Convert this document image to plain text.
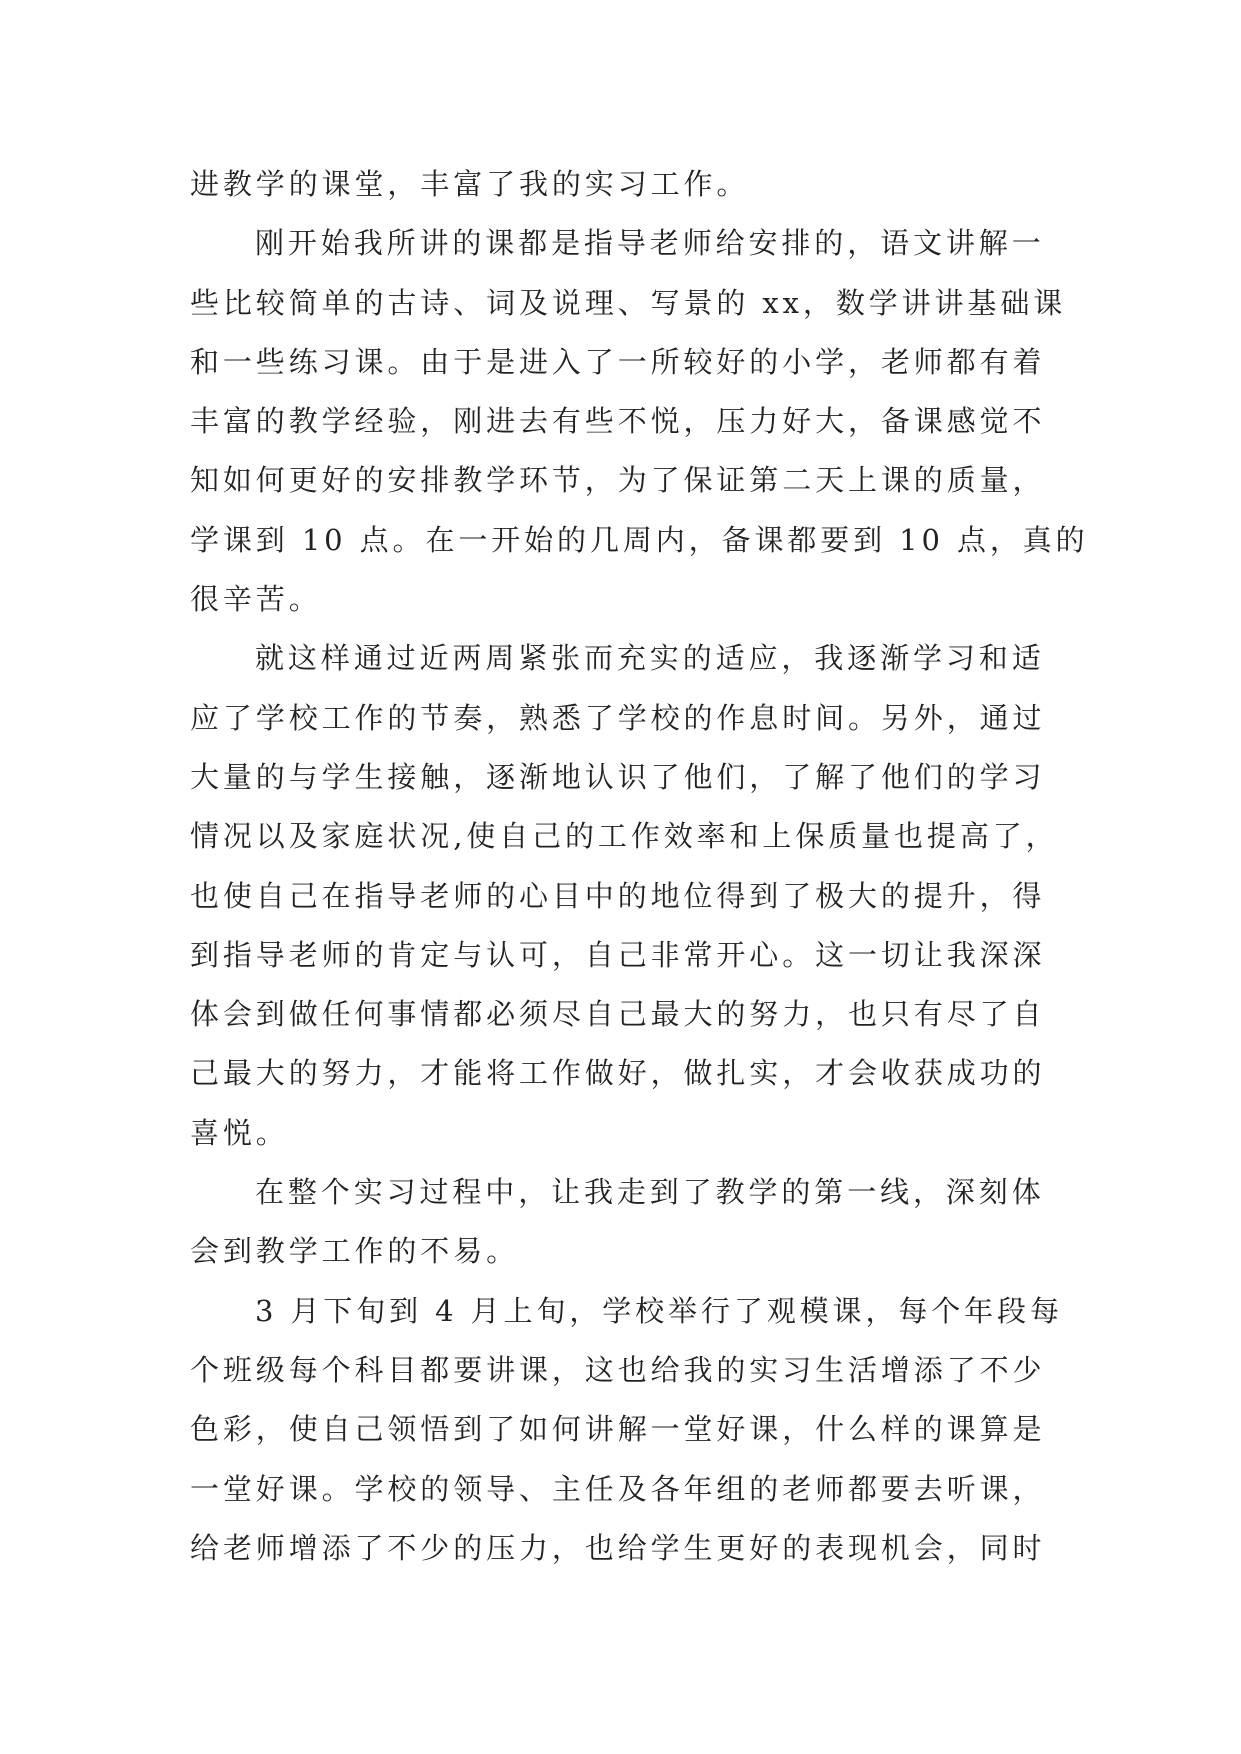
进教学的课堂，丰富了我的实习工作。
刚开始我所讲的课都是指导老师给安排的，语文讲解一
些比较简单的古诗、词及说理、写景的 xx，数学讲讲基础课
和一些练习课。由于是进入了一所较好的小学，老师都有着
丰富的教学经验，刚进去有些不悦，压力好大，备课感觉不
知如何更好的安排教学环节，为了保证第二天上课的质量，
学课到 10 点。在一开始的几周内，备课都要到 10 点，真的
很辛苦。
就这样通过近两周紧张而充实的适应，我逐渐学习和适
应了学校工作的节奏，熟悉了学校的作息时间。另外，通过
大量的与学生接触，逐渐地认识了他们，了解了他们的学习
情况以及家庭状况,使自己的工作效率和上保质量也提高了，
也使自己在指导老师的心目中的地位得到了极大的提升，得
到指导老师的肯定与认可，自己非常开心。这一切让我深深
体会到做任何事情都必须尽自己最大的努力，也只有尽了自
己最大的努力，才能将工作做好，做扎实，才会收获成功的
喜悦。
在整个实习过程中，让我走到了教学的第一线，深刻体
会到教学工作的不易。
3 月下旬到 4 月上旬，学校举行了观模课，每个年段每
个班级每个科目都要讲课，这也给我的实习生活增添了不少
色彩，使自己领悟到了如何讲解一堂好课，什么样的课算是
一堂好课。学校的领导、主任及各年组的老师都要去听课，
给老师增添了不少的压力，也给学生更好的表现机会，同时
